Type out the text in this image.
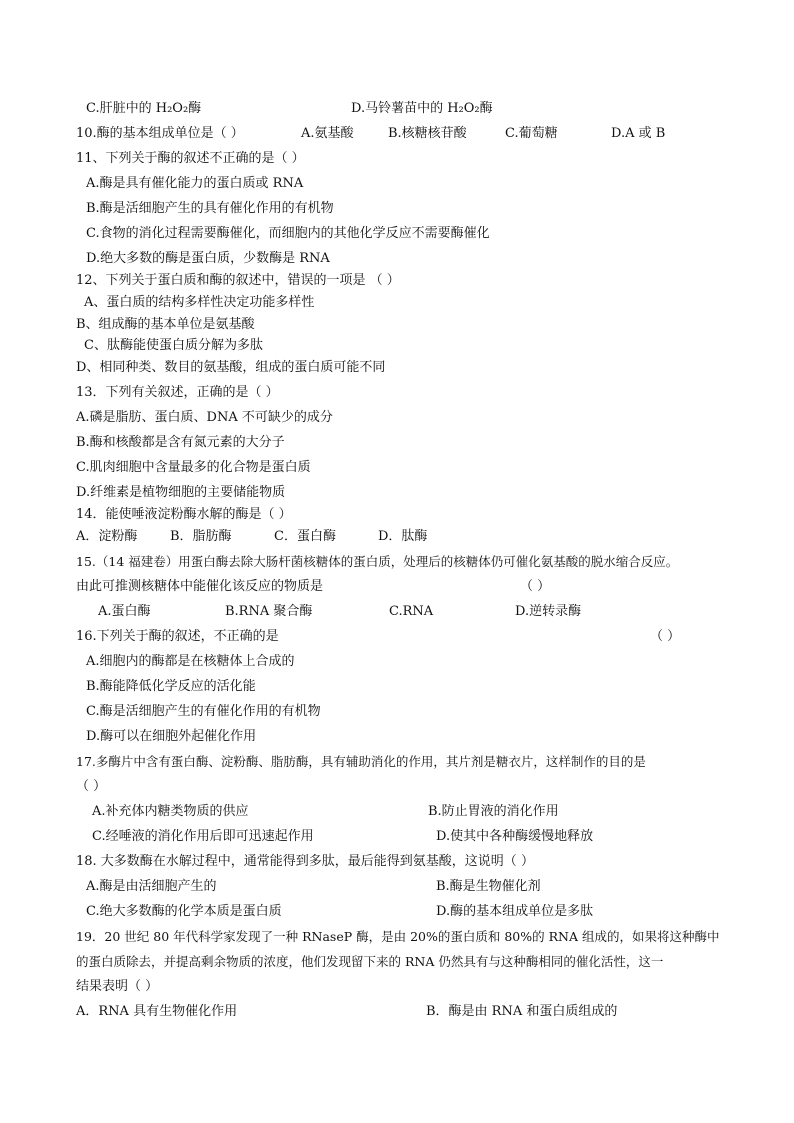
C.肝脏中的 H₂O₂酶	D.马铃薯苗中的 H₂O₂酶
10.酶的基本组成单位是（ ）	A.氨基酸	B.核糖核苷酸	C.葡萄糖	D.A 或 B
11、下列关于酶的叙述不正确的是（ ）
A.酶是具有催化能力的蛋白质或 RNA
B.酶是活细胞产生的具有催化作用的有机物
C.食物的消化过程需要酶催化，而细胞内的其他化学反应不需要酶催化
D.绝大多数的酶是蛋白质，少数酶是 RNA
12、下列关于蛋白质和酶的叙述中，错误的一项是 （ ）
A、蛋白质的结构多样性决定功能多样性
B、组成酶的基本单位是氨基酸
C、肽酶能使蛋白质分解为多肽
D、相同种类、数目的氨基酸，组成的蛋白质可能不同
13．下列有关叙述，正确的是（ ）
A.磷是脂肪、蛋白质、DNA 不可缺少的成分
B.酶和核酸都是含有氮元素的大分子
C.肌肉细胞中含量最多的化合物是蛋白质
D.纤维素是植物细胞的主要储能物质
14．能使唾液淀粉酶水解的酶是（ ）
A．淀粉酶	B．脂肪酶	C．蛋白酶	D．肽酶
15.（14 福建卷）用蛋白酶去除大肠杆菌核糖体的蛋白质，处理后的核糖体仍可催化氨基酸的脱水缩合反应。
由此可推测核糖体中能催化该反应的物质是	（ ）
A.蛋白酶	B.RNA 聚合酶	C.RNA	D.逆转录酶
16.下列关于酶的叙述，不正确的是	（ ）
A.细胞内的酶都是在核糖体上合成的
B.酶能降低化学反应的活化能
C.酶是活细胞产生的有催化作用的有机物
D.酶可以在细胞外起催化作用
17.多酶片中含有蛋白酶、淀粉酶、脂肪酶，具有辅助消化的作用，其片剂是糖衣片，这样制作的目的是
（ ）
A.补充体内糖类物质的供应	B.防止胃液的消化作用
C.经唾液的消化作用后即可迅速起作用	D.使其中各种酶缓慢地释放
18. 大多数酶在水解过程中，通常能得到多肽，最后能得到氨基酸，这说明（ ）
A.酶是由活细胞产生的	B.酶是生物催化剂
C.绝大多数酶的化学本质是蛋白质	D.酶的基本组成单位是多肽
19．20 世纪 80 年代科学家发现了一种 RNaseP 酶，是由 20%的蛋白质和 80%的 RNA 组成的，如果将这种酶中
的蛋白质除去，并提高剩余物质的浓度，他们发现留下来的 RNA 仍然具有与这种酶相同的催化活性，这一
结果表明（ ）
A．RNA 具有生物催化作用	B．酶是由 RNA 和蛋白质组成的
